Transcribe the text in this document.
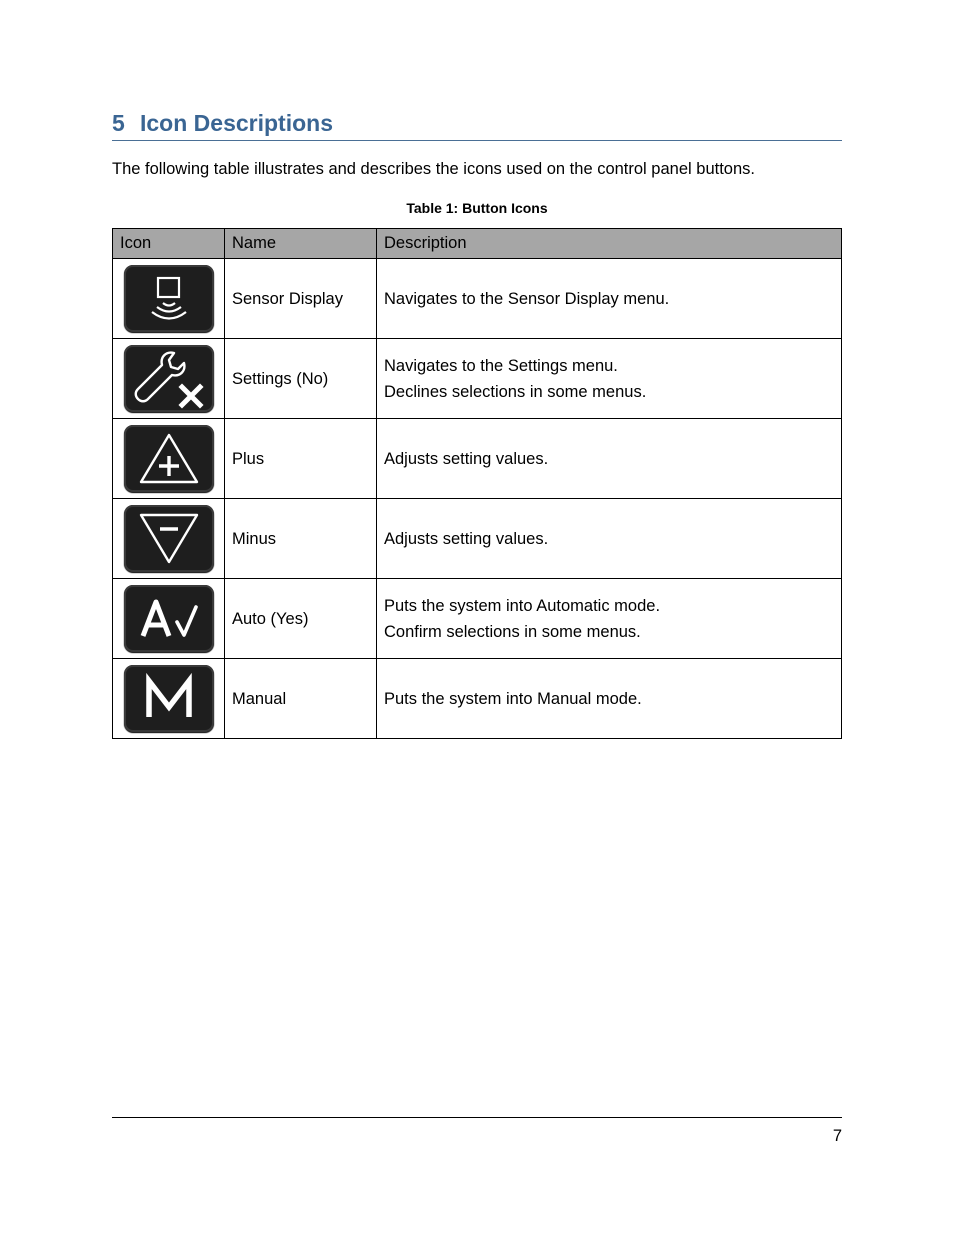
5 Icon Descriptions
The following table illustrates and describes the icons used on the control panel buttons.
Table 1: Button Icons
Icon	Name	Description

	Sensor Display	Navigates to the Sensor Display menu.

	Settings (No)	Navigates to the Settings menu.
Declines selections in some menus.

	Plus	Adjusts setting values.

	Minus	Adjusts setting values.

	Auto (Yes)	Puts the system into Automatic mode.
Confirm selections in some menus.

	Manual	Puts the system into Manual mode.
7
